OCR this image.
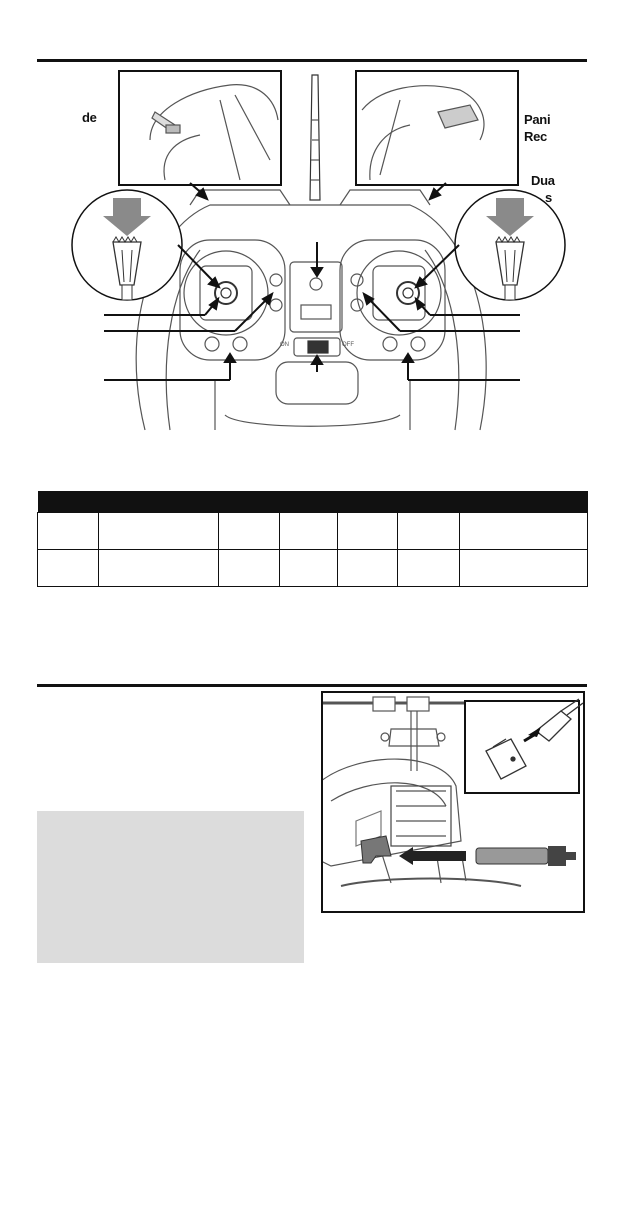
de	Pani
Rec
Dua
s
ON	OFF
